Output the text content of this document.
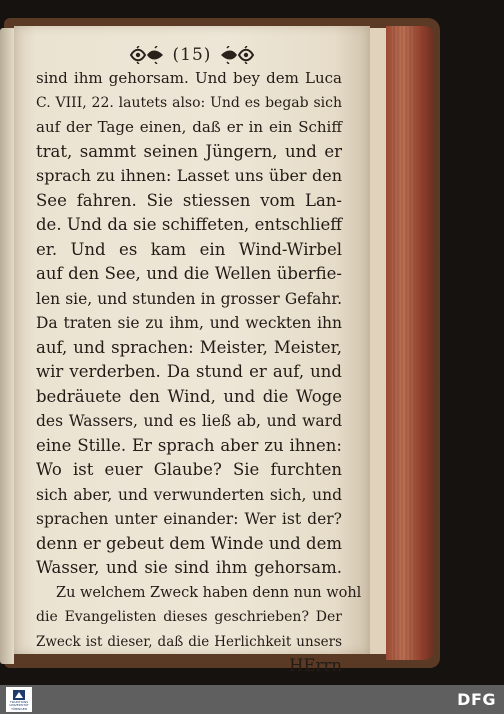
(15)
sind ihm gehorsam. Und bey dem Luca
C. VIII, 22. lautets also: Und es begab sich
auf der Tage einen, daß er in ein Schiff
trat, sammt seinen Jüngern, und er
sprach zu ihnen: Lasset uns über den
See fahren. Sie stiessen vom Lan-
de. Und da sie schiffeten, entschlieff
er. Und es kam ein Wind-Wirbel
auf den See, und die Wellen überfie-
len sie, und stunden in grosser Gefahr.
Da traten sie zu ihm, und weckten ihn
auf, und sprachen: Meister, Meister,
wir verderben. Da stund er auf, und
bedräuete den Wind, und die Woge
des Wassers, und es ließ ab, und ward
eine Stille. Er sprach aber zu ihnen:
Wo ist euer Glaube? Sie furchten
sich aber, und verwunderten sich, und
sprachen unter einander: Wer ist der?
denn er gebeut dem Winde und dem
Wasser, und sie sind ihm gehorsam.
Zu welchem Zweck haben denn nun wohl
die Evangelisten dieses geschrieben? Der
Zweck ist dieser, daß die Herlichkeit unsers
HErrn
TRADITIONS UNIVERSITÄT TÜBINGEN	DFG
